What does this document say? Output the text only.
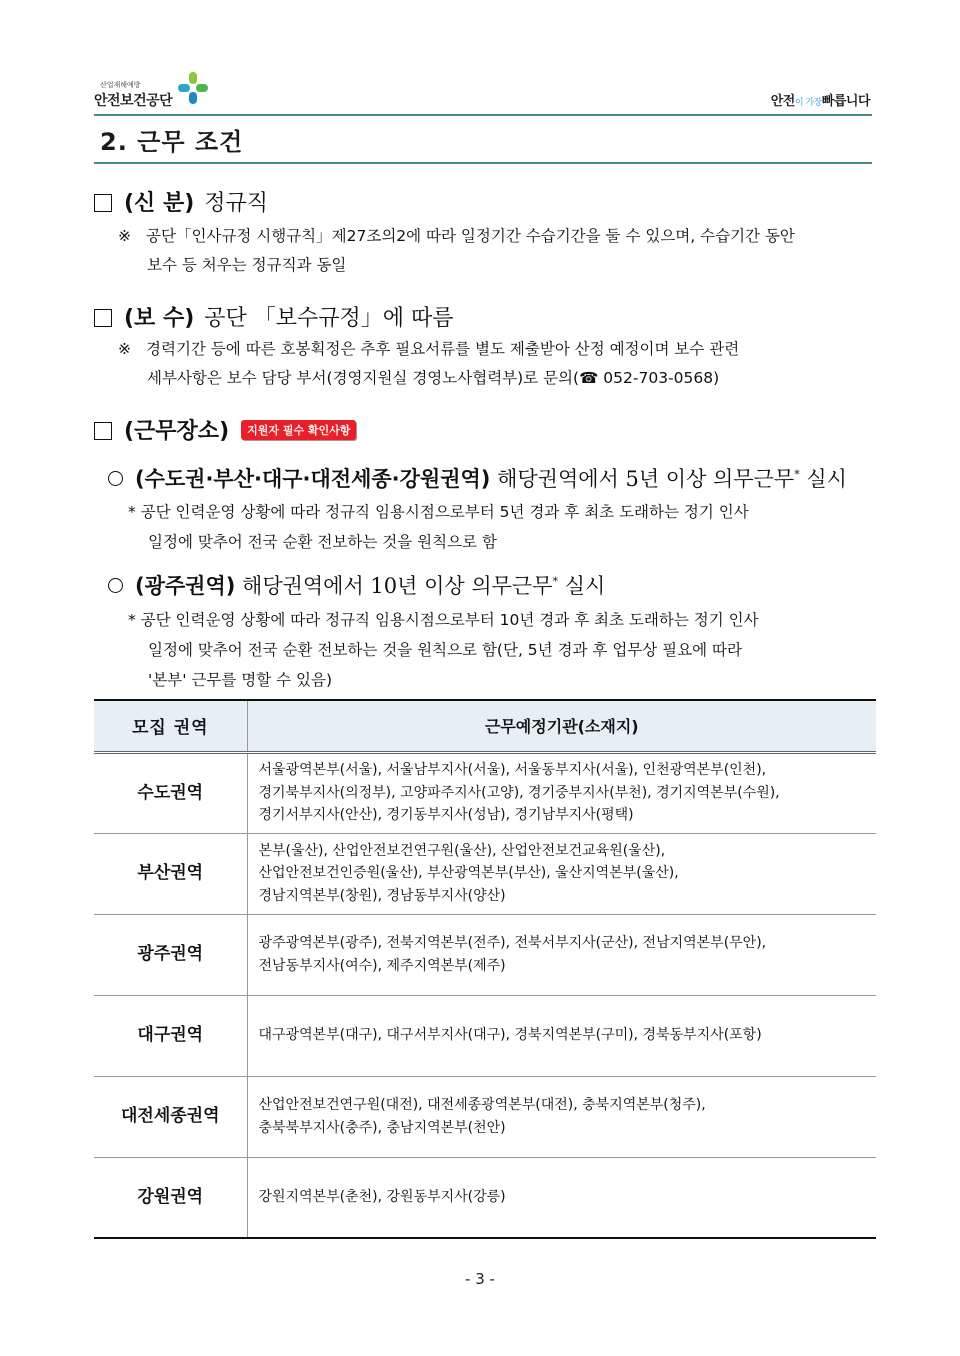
산업재해예방
안전보건공단	안전이 가장빠릅니다
2. 근무 조건
(신 분) 정규직
※ 공단「인사규정 시행규칙」제27조의2에 따라 일정기간 수습기간을 둘 수 있으며, 수습기간 동안
보수 등 처우는 정규직과 동일
(보 수) 공단 「보수규정」에 따름
※ 경력기간 등에 따른 호봉획정은 추후 필요서류를 별도 제출받아 산정 예정이며 보수 관련
세부사항은 보수 담당 부서(경영지원실 경영노사협력부)로 문의(☎ 052-703-0568)
(근무장소) 지원자 필수 확인사항
(수도권·부산·대구·대전세종·강원권역) 해당권역에서 5년 이상 의무근무* 실시
* 공단 인력운영 상황에 따라 정규직 임용시점으로부터 5년 경과 후 최초 도래하는 정기 인사
일정에 맞추어 전국 순환 전보하는 것을 원칙으로 함
(광주권역) 해당권역에서 10년 이상 의무근무* 실시
* 공단 인력운영 상황에 따라 정규직 임용시점으로부터 10년 경과 후 최초 도래하는 정기 인사
일정에 맞추어 전국 순환 전보하는 것을 원칙으로 함(단, 5년 경과 후 업무상 필요에 따라
'본부' 근무를 명할 수 있음)
모집 권역	근무예정기관(소재지)
수도권역	서울광역본부(서울), 서울남부지사(서울), 서울동부지사(서울), 인천광역본부(인천),
경기북부지사(의정부), 고양파주지사(고양), 경기중부지사(부천), 경기지역본부(수원),
경기서부지사(안산), 경기동부지사(성남), 경기남부지사(평택)

부산권역	본부(울산), 산업안전보건연구원(울산), 산업안전보건교육원(울산),
산업안전보건인증원(울산), 부산광역본부(부산), 울산지역본부(울산),
경남지역본부(창원), 경남동부지사(양산)

광주권역	광주광역본부(광주), 전북지역본부(전주), 전북서부지사(군산), 전남지역본부(무안),
전남동부지사(여수), 제주지역본부(제주)

대구권역	대구광역본부(대구), 대구서부지사(대구), 경북지역본부(구미), 경북동부지사(포항)

대전세종권역	산업안전보건연구원(대전), 대전세종광역본부(대전), 충북지역본부(청주),
충북북부지사(충주), 충남지역본부(천안)

강원권역	강원지역본부(춘천), 강원동부지사(강릉)
- 3 -
